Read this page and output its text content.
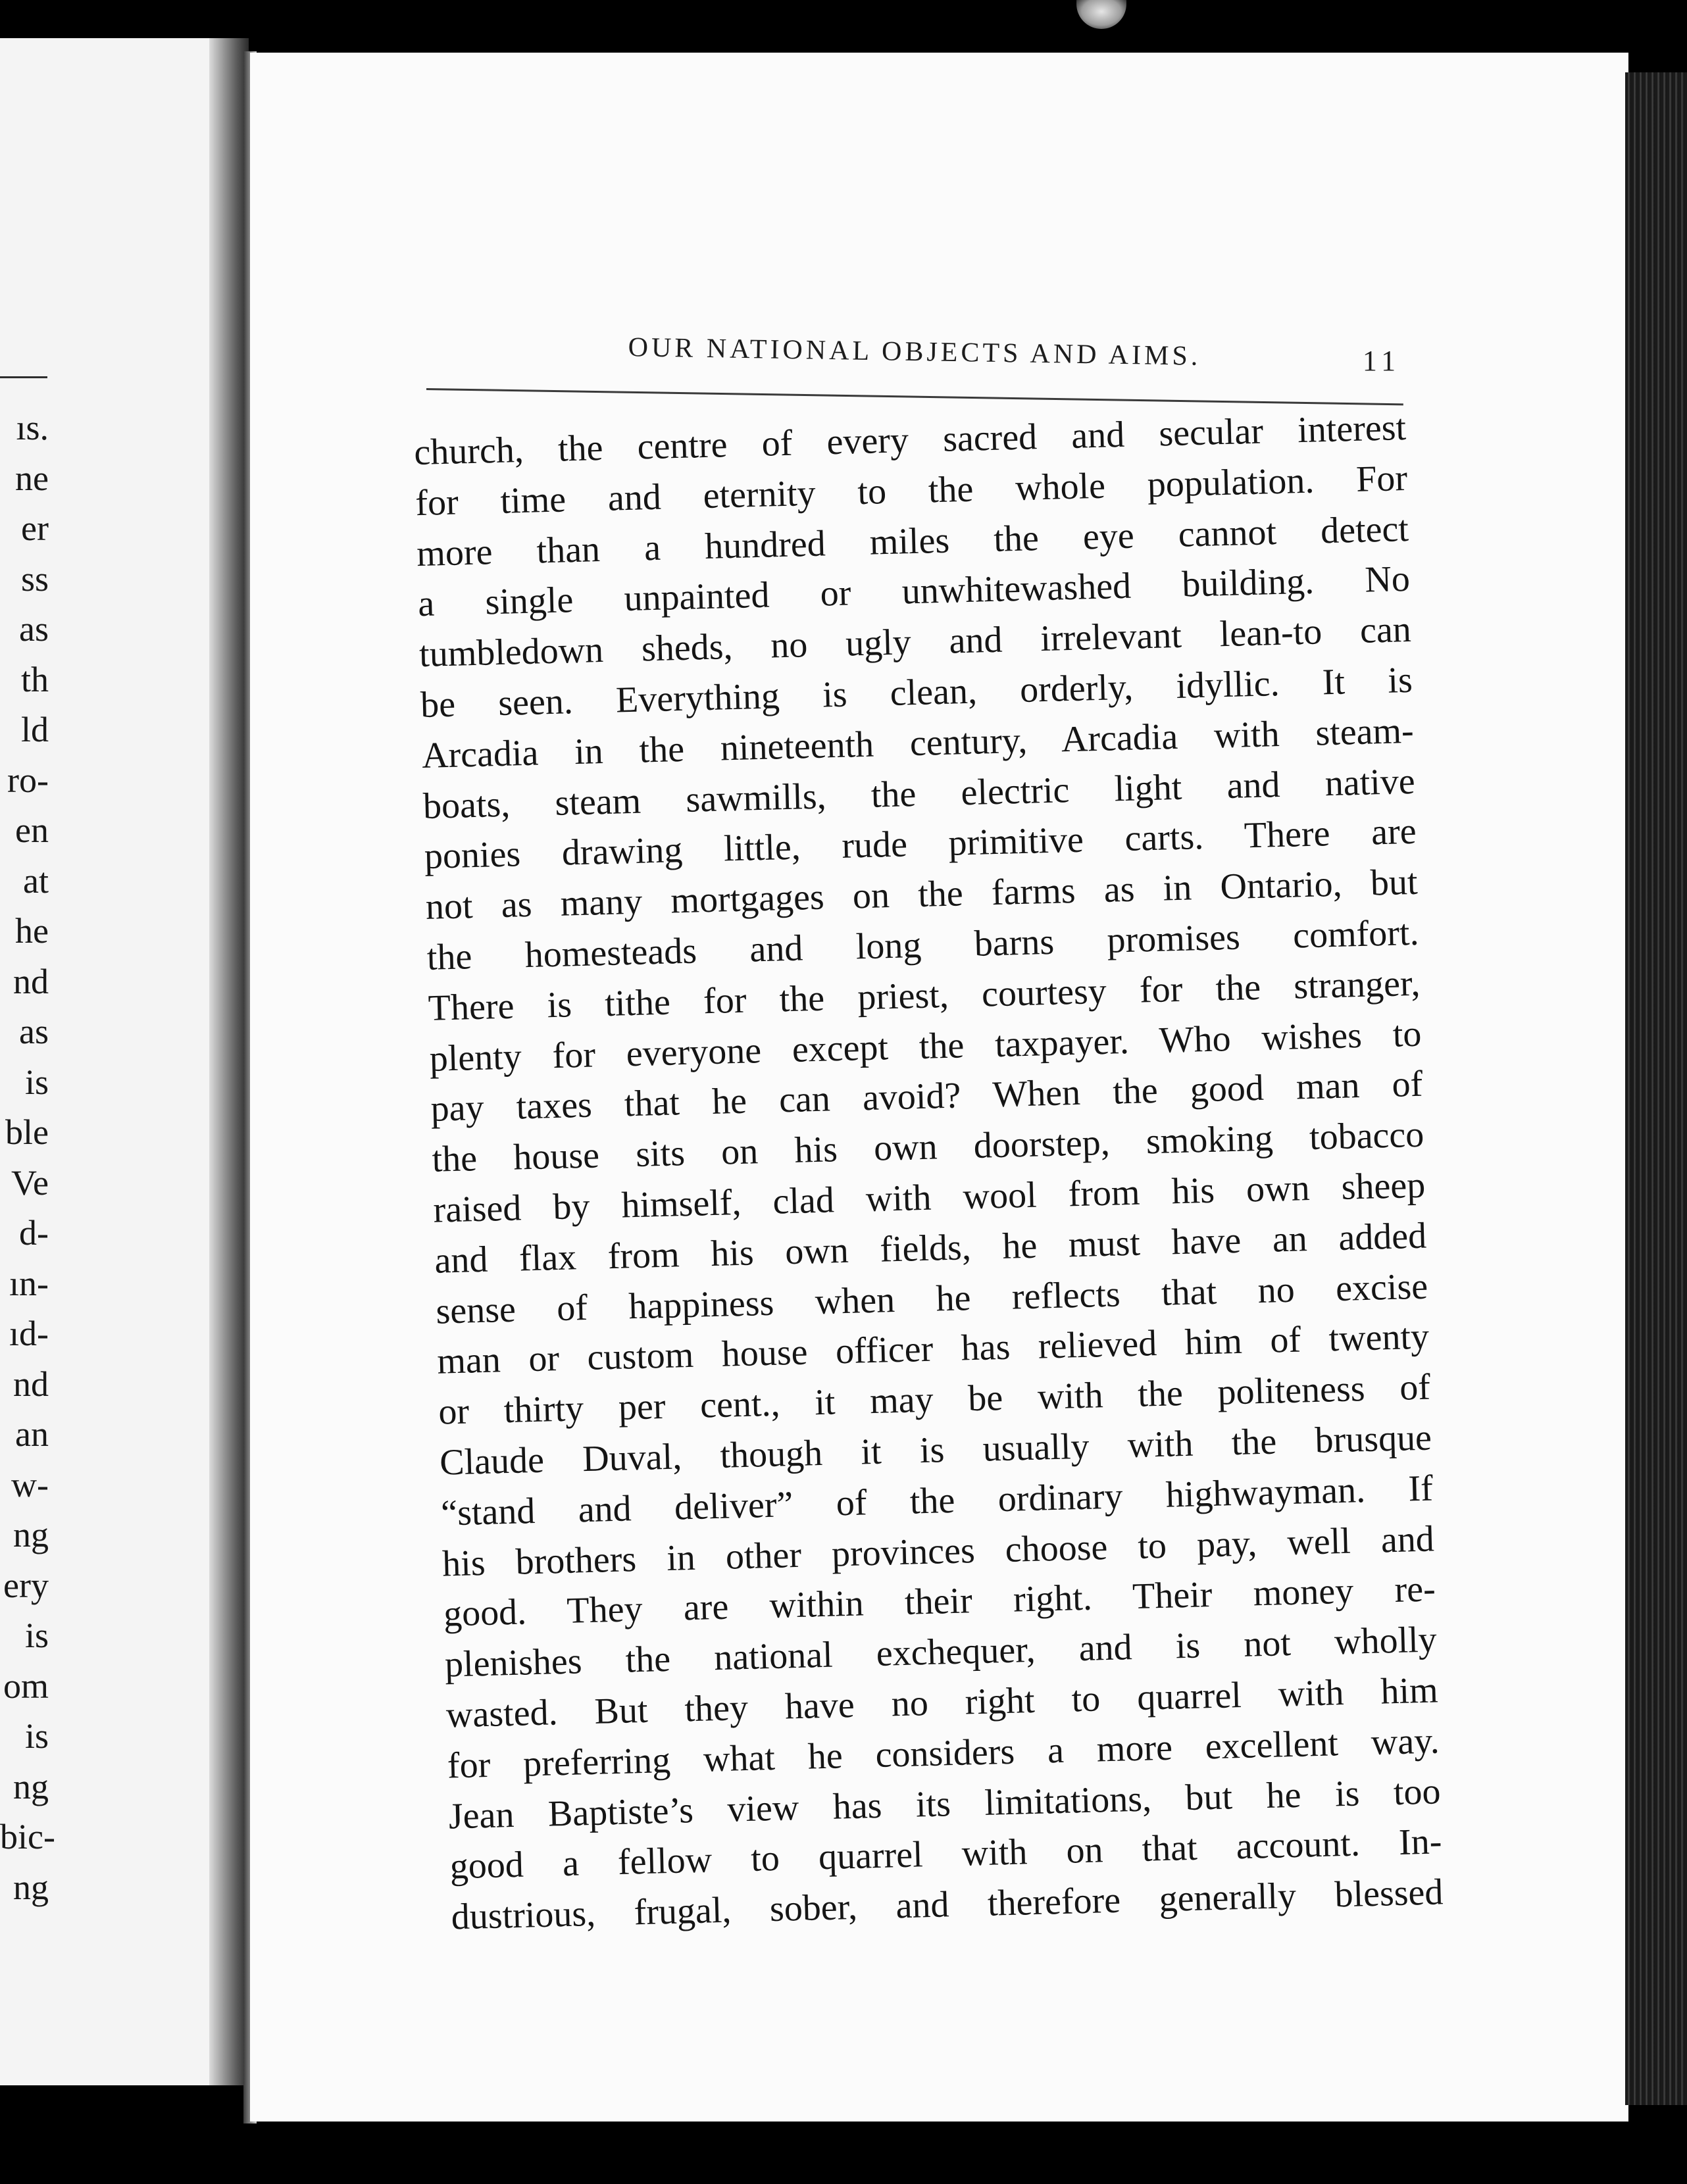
ıs.
ne
er
ss
as
th
ld
ro-
en
at
he
nd
as
is
ble
Ve
d-
ın-
ıd-
nd
an
w-
ng
ery
is
om
is
ng
bic-
ng
OUR NATIONAL OBJECTS AND AIMS.	11
church, the centre of every sacred and secular interest
for time and eternity to the whole population. For
more than a hundred miles the eye cannot detect
a single unpainted or unwhitewashed building. No
tumbledown sheds, no ugly and irrelevant lean-to can
be seen. Everything is clean, orderly, idyllic. It is
Arcadia in the nineteenth century, Arcadia with steam-
boats, steam sawmills, the electric light and native
ponies drawing little, rude primitive carts. There are
not as many mortgages on the farms as in Ontario, but
the homesteads and long barns promises comfort.
There is tithe for the priest, courtesy for the stranger,
plenty for everyone except the taxpayer. Who wishes to
pay taxes that he can avoid? When the good man of
the house sits on his own doorstep, smoking tobacco
raised by himself, clad with wool from his own sheep
and flax from his own fields, he must have an added
sense of happiness when he reflects that no excise
man or custom house officer has relieved him of twenty
or thirty per cent., it may be with the politeness of
Claude Duval, though it is usually with the brusque
“stand and deliver” of the ordinary highwayman. If
his brothers in other provinces choose to pay, well and
good. They are within their right. Their money re-
plenishes the national exchequer, and is not wholly
wasted. But they have no right to quarrel with him
for preferring what he considers a more excellent way.
Jean Baptiste’s view has its limitations, but he is too
good a fellow to quarrel with on that account. In-
dustrious, frugal, sober, and therefore generally blessed
